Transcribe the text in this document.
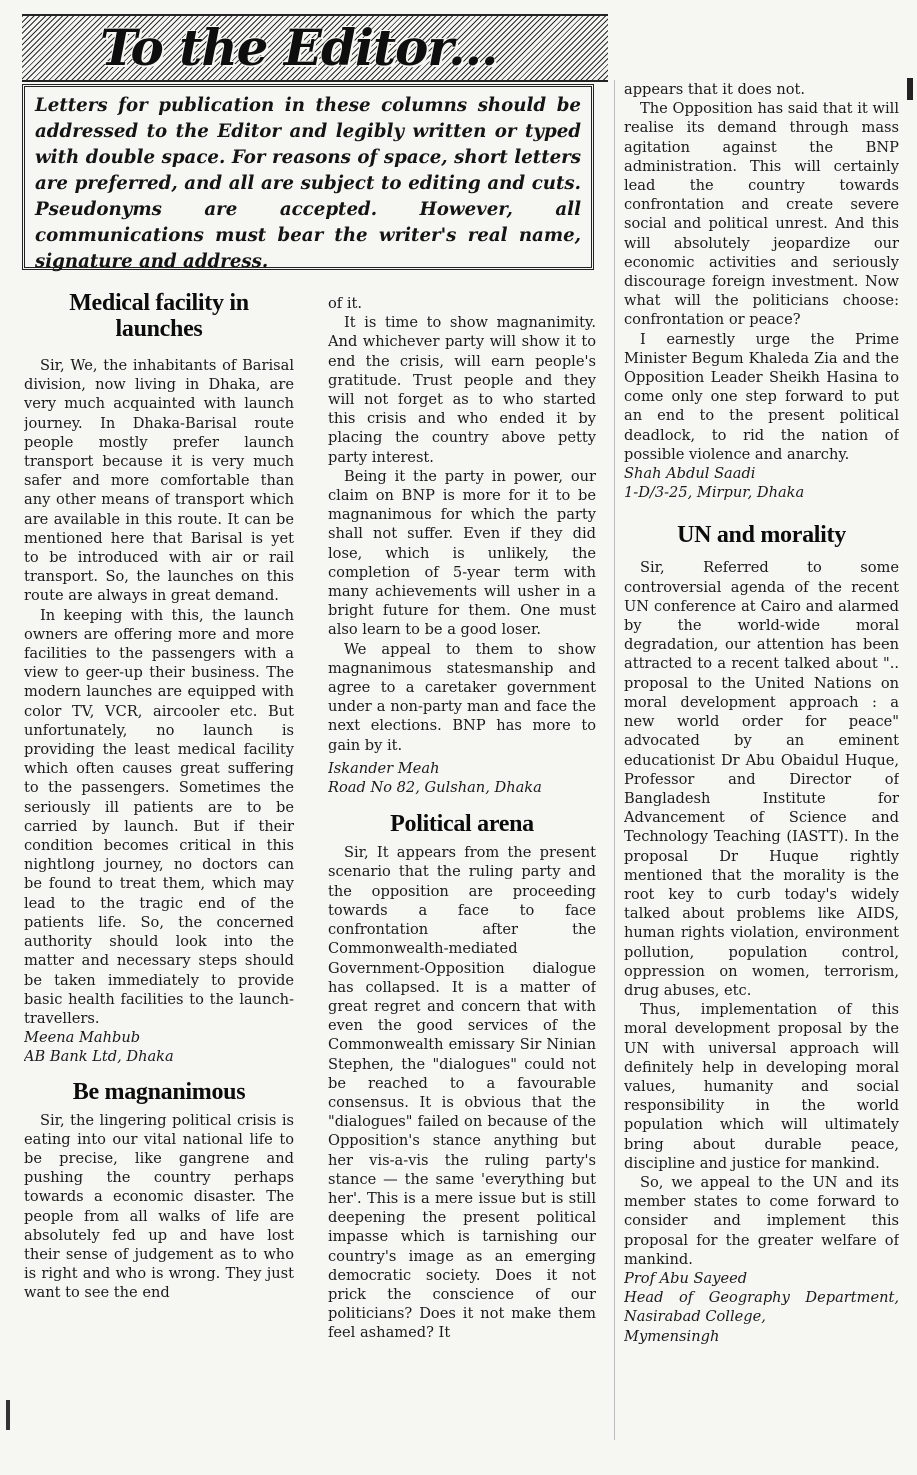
To the Editor...
Letters for publication in these columns should be addressed to the Editor and legibly written or typed with double space. For reasons of space, short letters are preferred, and all are subject to editing and cuts. Pseudonyms are accepted. However, all communications must bear the writer's real name, signature and address.
Medical facility in launches

Sir, We, the inhabitants of Barisal division, now living in Dhaka, are very much acquainted with launch journey. In Dhaka-Barisal route people mostly prefer launch transport because it is very much safer and more comfortable than any other means of transport which are available in this route. It can be mentioned here that Barisal is yet to be introduced with air or rail transport. So, the launches on this route are always in great demand.

In keeping with this, the launch owners are offering more and more facilities to the passengers with a view to geer-up their business. The modern launches are equipped with color TV, VCR, aircooler etc. But unfortunately, no launch is providing the least medical facility which often causes great suffering to the passengers. Sometimes the seriously ill patients are to be carried by launch. But if their condition becomes critical in this nightlong journey, no doctors can be found to treat them, which may lead to the tragic end of the patients life. So, the concerned authority should look into the matter and necessary steps should be taken immediately to provide basic health facilities to the launch-travellers.

Meena Mahbub
AB Bank Ltd, Dhaka
Be magnanimous

Sir, the lingering political crisis is eating into our vital national life to be precise, like gangrene and pushing the country perhaps towards a economic disaster. The people from all walks of life are absolutely fed up and have lost their sense of judgement as to who is right and who is wrong. They just want to see the end

of it.

It is time to show magnanimity. And whichever party will show it to end the crisis, will earn people's gratitude. Trust people and they will not forget as to who started this crisis and who ended it by placing the country above petty party interest.

Being it the party in power, our claim on BNP is more for it to be magnanimous for which the party shall not suffer. Even if they did lose, which is unlikely, the completion of 5-year term with many achievements will usher in a bright future for them. One must also learn to be a good loser.

We appeal to them to show magnanimous statesmanship and agree to a caretaker government under a non-party man and face the next elections. BNP has more to gain by it.

Iskander Meah
Road No 82, Gulshan, Dhaka
Political arena

Sir, It appears from the present scenario that the ruling party and the opposition are proceeding towards a face to face confrontation after the Commonwealth-mediated Government-Opposition dialogue has collapsed. It is a matter of great regret and concern that with even the good services of the Commonwealth emissary Sir Ninian Stephen, the "dialogues" could not be reached to a favourable consensus. It is obvious that the "dialogues" failed on because of the Opposition's stance anything but her vis-a-vis the ruling party's stance — the same 'everything but her'. This is a mere issue but is still deepening the present political impasse which is tarnishing our country's image as an emerging democratic society. Does it not prick the conscience of our politicians? Does it not make them feel ashamed? It

appears that it does not.

The Opposition has said that it will realise its demand through mass agitation against the BNP administration. This will certainly lead the country towards confrontation and create severe social and political unrest. And this will absolutely jeopardize our economic activities and seriously discourage foreign investment. Now what will the politicians choose: confrontation or peace?

I earnestly urge the Prime Minister Begum Khaleda Zia and the Opposition Leader Sheikh Hasina to come only one step forward to put an end to the present political deadlock, to rid the nation of possible violence and anarchy.

Shah Abdul Saadi
1-D/3-25, Mirpur, Dhaka
UN and morality

Sir, Referred to some controversial agenda of the recent UN conference at Cairo and alarmed by the world-wide moral degradation, our attention has been attracted to a recent talked about ".. proposal to the United Nations on moral development approach : a new world order for peace" advocated by an eminent educationist Dr Abu Obaidul Huque, Professor and Director of Bangladesh Institute for Advancement of Science and Technology Teaching (IASTT). In the proposal Dr Huque rightly mentioned that the morality is the root key to curb today's widely talked about problems like AIDS, human rights violation, environment pollution, population control, oppression on women, terrorism, drug abuses, etc.

Thus, implementation of this moral development proposal by the UN with universal approach will definitely help in developing moral values, humanity and social responsibility in the world population which will ultimately bring about durable peace, discipline and justice for mankind.

So, we appeal to the UN and its member states to come forward to consider and implement this proposal for the greater welfare of mankind.

Prof Abu Sayeed
Head of Geography Department, Nasirabad College,
Mymensingh
